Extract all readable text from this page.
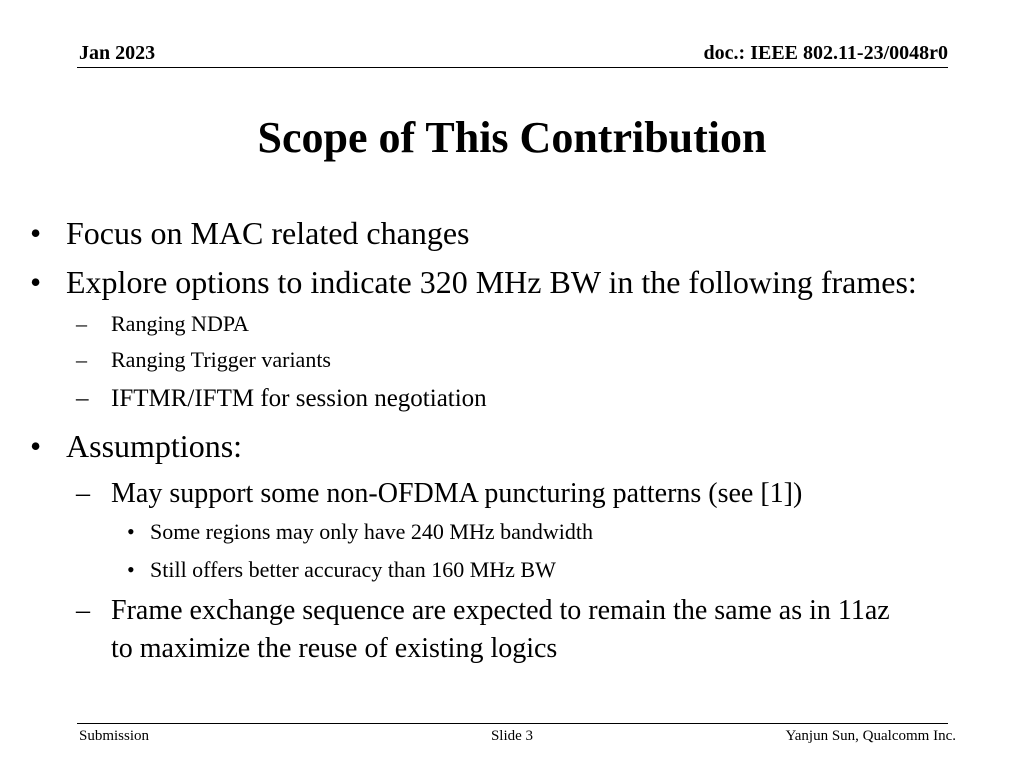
Jan 2023	doc.: IEEE 802.11-23/0048r0
Scope of This Contribution
• Focus on MAC related changes
• Explore options to indicate 320 MHz BW in the following frames:
– Ranging NDPA
– Ranging Trigger variants
– IFTMR/IFTM for session negotiation
• Assumptions:
– May support some non-OFDMA puncturing patterns (see [1])
• Some regions may only have 240 MHz bandwidth
• Still offers better accuracy than 160 MHz BW
– Frame exchange sequence are expected to remain the same as in 11az
to maximize the reuse of existing logics
Submission	Slide 3	Yanjun Sun, Qualcomm Inc.
